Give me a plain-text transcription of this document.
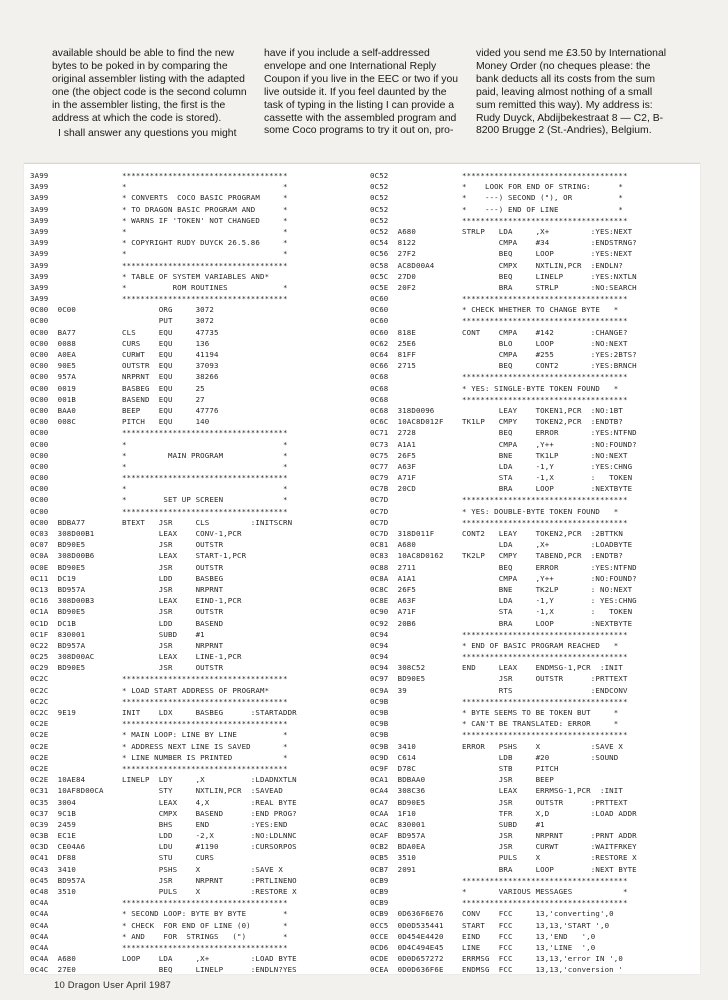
available should be able to find the new bytes to be poked in by comparing the original assembler listing with the adapted one (the object code is the second column in the assembler listing, the first is the address at which the code is stored).

I shall answer any questions you might

have if you include a self-addressed envelope and one International Reply Coupon if you live in the EEC or two if you live outside it. If you feel daunted by the task of typing in the listing I can provide a cassette with the assembled program and some Coco programs to try it out on, pro-

vided you send me £3.50 by International Money Order (no cheques please: the bank deducts all its costs from the sum paid, leaving almost nothing of a small sum remitted this way). My address is: Rudy Duyck, Abdijbekestraat 8 — C2, B-8200 Brugge 2 (St.-Andries), Belgium.

3A99                ************************************
3A99                *                                  *
3A99                * CONVERTS  COCO BASIC PROGRAM     *
3A99                * TO DRAGON BASIC PROGRAM AND      *
3A99                * WARNS IF 'TOKEN' NOT CHANGED     *
3A99                *                                  *
3A99                * COPYRIGHT RUDY DUYCK 26.5.86     *
3A99                *                                  *
3A99                ************************************
3A99                * TABLE OF SYSTEM VARIABLES AND*
3A99                *          ROM ROUTINES            *
3A99                ************************************
0C00  0C00                  ORG     3072
0C00                        PUT     3072
0C00  BA77          CLS     EQU     47735
0C00  0088          CURS    EQU     136
0C00  A0EA          CURWT   EQU     41194
0C00  90E5          OUTSTR  EQU     37093
0C00  957A          NRPRNT  EQU     38266
0C00  0019          BASBEG  EQU     25
0C00  001B          BASEND  EQU     27
0C00  BAA0          BEEP    EQU     47776
0C00  008C          PITCH   EQU     140
0C00                ************************************
0C00                *                                  *
0C00                *         MAIN PROGRAM             *
0C00                *                                  *
0C00                ************************************
0C00                *                                  *
0C00                *        SET UP SCREEN             *
0C00                ************************************
0C00  BDBA77        BTEXT   JSR     CLS         :INITSCRN
0C03  308D00B1              LEAX    CONV-1,PCR
0C07  BD90E5                JSR     OUTSTR
0C0A  308D00B6              LEAX    START-1,PCR
0C0E  BD90E5                JSR     OUTSTR
0C11  DC19                  LDD     BASBEG
0C13  BD957A                JSR     NRPRNT
0C16  308D00B3              LEAX    EIND-1,PCR
0C1A  BD90E5                JSR     OUTSTR
0C1D  DC1B                  LDD     BASEND
0C1F  830001                SUBD    #1
0C22  BD957A                JSR     NRPRNT
0C25  308D00AC              LEAX    LINE-1,PCR
0C29  BD90E5                JSR     OUTSTR
0C2C                ************************************
0C2C                * LOAD START ADDRESS OF PROGRAM*
0C2C                ************************************
0C2C  9E19          INIT    LDX     BASBEG      :STARTADDR
0C2E                ************************************
0C2E                * MAIN LOOP: LINE BY LINE          *
0C2E                * ADDRESS NEXT LINE IS SAVED       *
0C2E                * LINE NUMBER IS PRINTED           *
0C2E                ************************************
0C2E  10AE84        LINELP  LDY     ,X          :LDADNXTLN
0C31  10AF8D00CA            STY     NXTLIN,PCR  :SAVEAD
0C35  3004                  LEAX    4,X         :REAL BYTE
0C37  9C1B                  CMPX    BASEND      :END PROG?
0C39  2459                  BHS     END         :YES:END
0C3B  EC1E                  LDD     -2,X        :NO:LDLNNC
0C3D  CE04A6                LDU     #1190       :CURSORPOS
0C41  DF88                  STU     CURS
0C43  3410                  PSHS    X           :SAVE X
0C45  BD957A                JSR     NRPRNT      :PRTLINENO
0C48  3510                  PULS    X           :RESTORE X
0C4A                ************************************
0C4A                * SECOND LOOP: BYTE BY BYTE        *
0C4A                * CHECK  FOR END OF LINE (0)       *
0C4A                * AND    FOR  STRINGS   (")        *
0C4A                ************************************
0C4A  A680          LOOP    LDA     ,X+         :LOAD BYTE
0C4C  27E0                  BEQ     LINELP      :ENDLN?YES
0C52                ************************************
0C52                *    LOOK FOR END OF STRING:      *
0C52                *    ---) SECOND ("), OR          *
0C52                *    ---) END OF LINE             *
0C52                ************************************
0C52  A680          STRLP   LDA     ,X+         :YES:NEXT
0C54  8122                  CMPA    #34         :ENDSTRNG?
0C56  27F2                  BEQ     LOOP        :YES:NEXT
0C58  AC8D00A4              CMPX    NXTLIN,PCR  :ENDLN?
0C5C  27D0                  BEQ     LINELP      :YES:NXTLN
0C5E  20F2                  BRA     STRLP       :NO:SEARCH
0C60                ************************************
0C60                * CHECK WHETHER TO CHANGE BYTE   *
0C60                ************************************
0C60  818E          CONT    CMPA    #142        :CHANGE?
0C62  25E6                  BLO     LOOP        :NO:NEXT
0C64  81FF                  CMPA    #255        :YES:2BTS?
0C66  2715                  BEQ     CONT2       :YES:BRNCH
0C68                ************************************
0C68                * YES: SINGLE-BYTE TOKEN FOUND   *
0C68                ************************************
0C68  318D0096              LEAY    TOKEN1,PCR  :NO:1BT
0C6C  10AC8D012F    TK1LP   CMPY    TOKEN2,PCR  :ENDTB?
0C71  2728                  BEQ     ERROR       :YES:NTFND
0C73  A1A1                  CMPA    ,Y++        :NO:FOUND?
0C75  26F5                  BNE     TK1LP       :NO:NEXT
0C77  A63F                  LDA     -1,Y        :YES:CHNG
0C79  A71F                  STA     -1,X        :   TOKEN
0C7B  20CD                  BRA     LOOP        :NEXTBYTE
0C7D                ************************************
0C7D                * YES: DOUBLE-BYTE TOKEN FOUND   *
0C7D                ************************************
0C7D  318D011F      CONT2   LEAY    TOKEN2,PCR  :2BTTKN
0C81  A680                  LDA     ,X+         :LOADBYTE
0C83  10AC8D0162    TK2LP   CMPY    TABEND,PCR  :ENDTB?
0C88  2711                  BEQ     ERROR       :YES:NTFND
0C8A  A1A1                  CMPA    ,Y++        :NO:FOUND?
0C8C  26F5                  BNE     TK2LP       : NO:NEXT
0C8E  A63F                  LDA     -1,Y        : YES:CHNG
0C90  A71F                  STA     -1,X        :   TOKEN
0C92  20B6                  BRA     LOOP        :NEXTBYTE
0C94                ************************************
0C94                * END OF BASIC PROGRAM REACHED   *
0C94                ************************************
0C94  308C52        END     LEAX    ENDMSG-1,PCR  :INIT
0C97  BD90E5                JSR     OUTSTR      :PRTTEXT
0C9A  39                    RTS                 :ENDCONV
0C9B                ************************************
0C9B                * BYTE SEEMS TO BE TOKEN BUT     *
0C9B                * CAN'T BE TRANSLATED: ERROR     *
0C9B                ************************************
0C9B  3410          ERROR   PSHS    X           :SAVE X
0C9D  C614                  LDB     #20         :SOUND
0C9F  D78C                  STB     PITCH
0CA1  BDBAA0                JSR     BEEP
0CA4  308C36                LEAX    ERRMSG-1,PCR  :INIT
0CA7  BD90E5                JSR     OUTSTR      :PRTTEXT
0CAA  1F10                  TFR     X,D         :LOAD ADDR
0CAC  830001                SUBD    #1
0CAF  BD957A                JSR     NRPRNT      :PRNT ADDR
0CB2  BDA0EA                JSR     CURWT       :WAITFRKEY
0CB5  3510                  PULS    X           :RESTORE X
0CB7  2091                  BRA     LOOP        :NEXT BYTE
0CB9                ************************************
0CB9                *       VARIOUS MESSAGES           *
0CB9                ************************************
0CB9  0D636F6E76    CONV    FCC     13,'converting',0
0CC5  0D0D535441    START   FCC     13,13,'START ',0
0CCE  0D454E4420    EIND    FCC     13,'END   ',0
0CD6  0D4C494E45    LINE    FCC     13,'LINE  ',0
0CDE  0D0D657272    ERRMSG  FCC     13,13,'error IN ',0
0CEA  0D0D636F6E    ENDMSG  FCC     13,13,'conversion '
10 Dragon User April 1987
